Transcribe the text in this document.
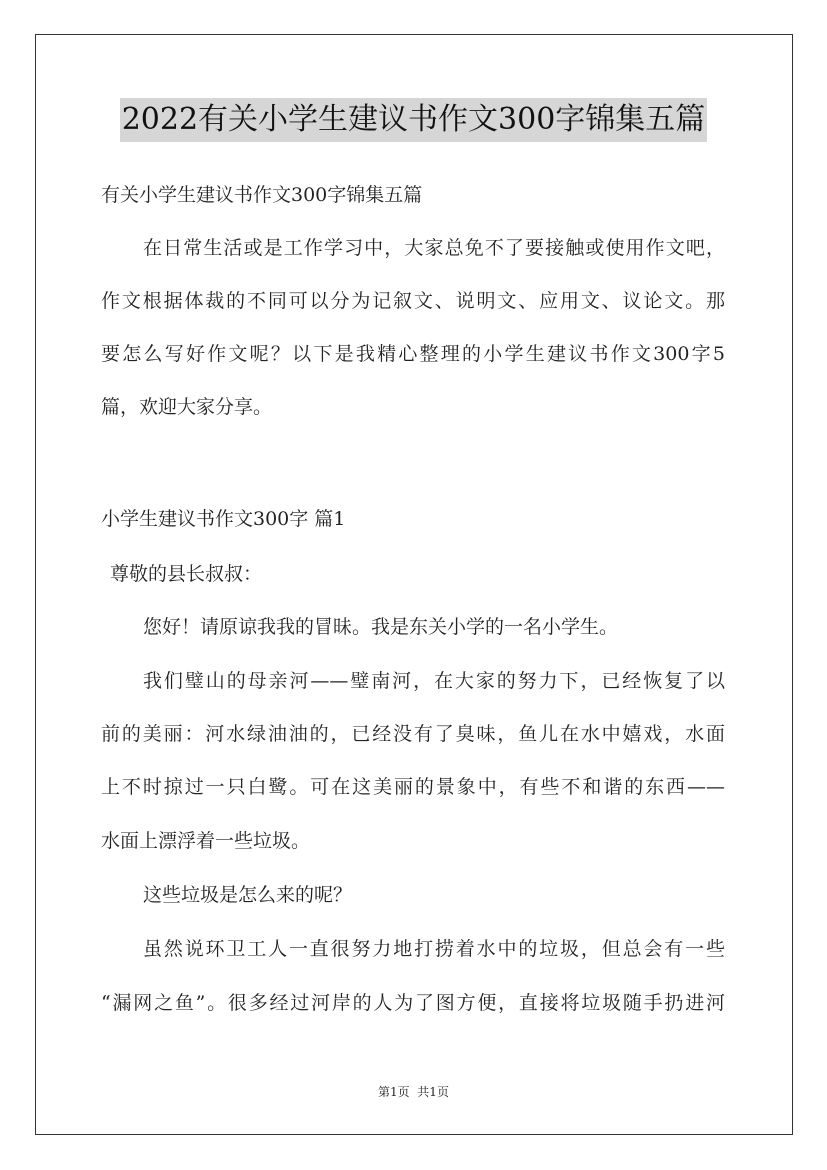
2022有关小学生建议书作文300字锦集五篇
有关小学生建议书作文300字锦集五篇
在日常生活或是工作学习中，大家总免不了要接触或使用作文吧，
作文根据体裁的不同可以分为记叙文、说明文、应用文、议论文。那
要怎么写好作文呢？以下是我精心整理的小学生建议书作文300字5
篇，欢迎大家分享。
小学生建议书作文300字 篇1
尊敬的县长叔叔：
您好！请原谅我我的冒昧。我是东关小学的一名小学生。
我们璧山的母亲河——璧南河，在大家的努力下，已经恢复了以
前的美丽：河水绿油油的，已经没有了臭味，鱼儿在水中嬉戏，水面
上不时掠过一只白鹭。可在这美丽的景象中，有些不和谐的东西——
水面上漂浮着一些垃圾。
这些垃圾是怎么来的呢？
虽然说环卫工人一直很努力地打捞着水中的垃圾，但总会有一些
“漏网之鱼”。很多经过河岸的人为了图方便，直接将垃圾随手扔进河
第1页  共1页
